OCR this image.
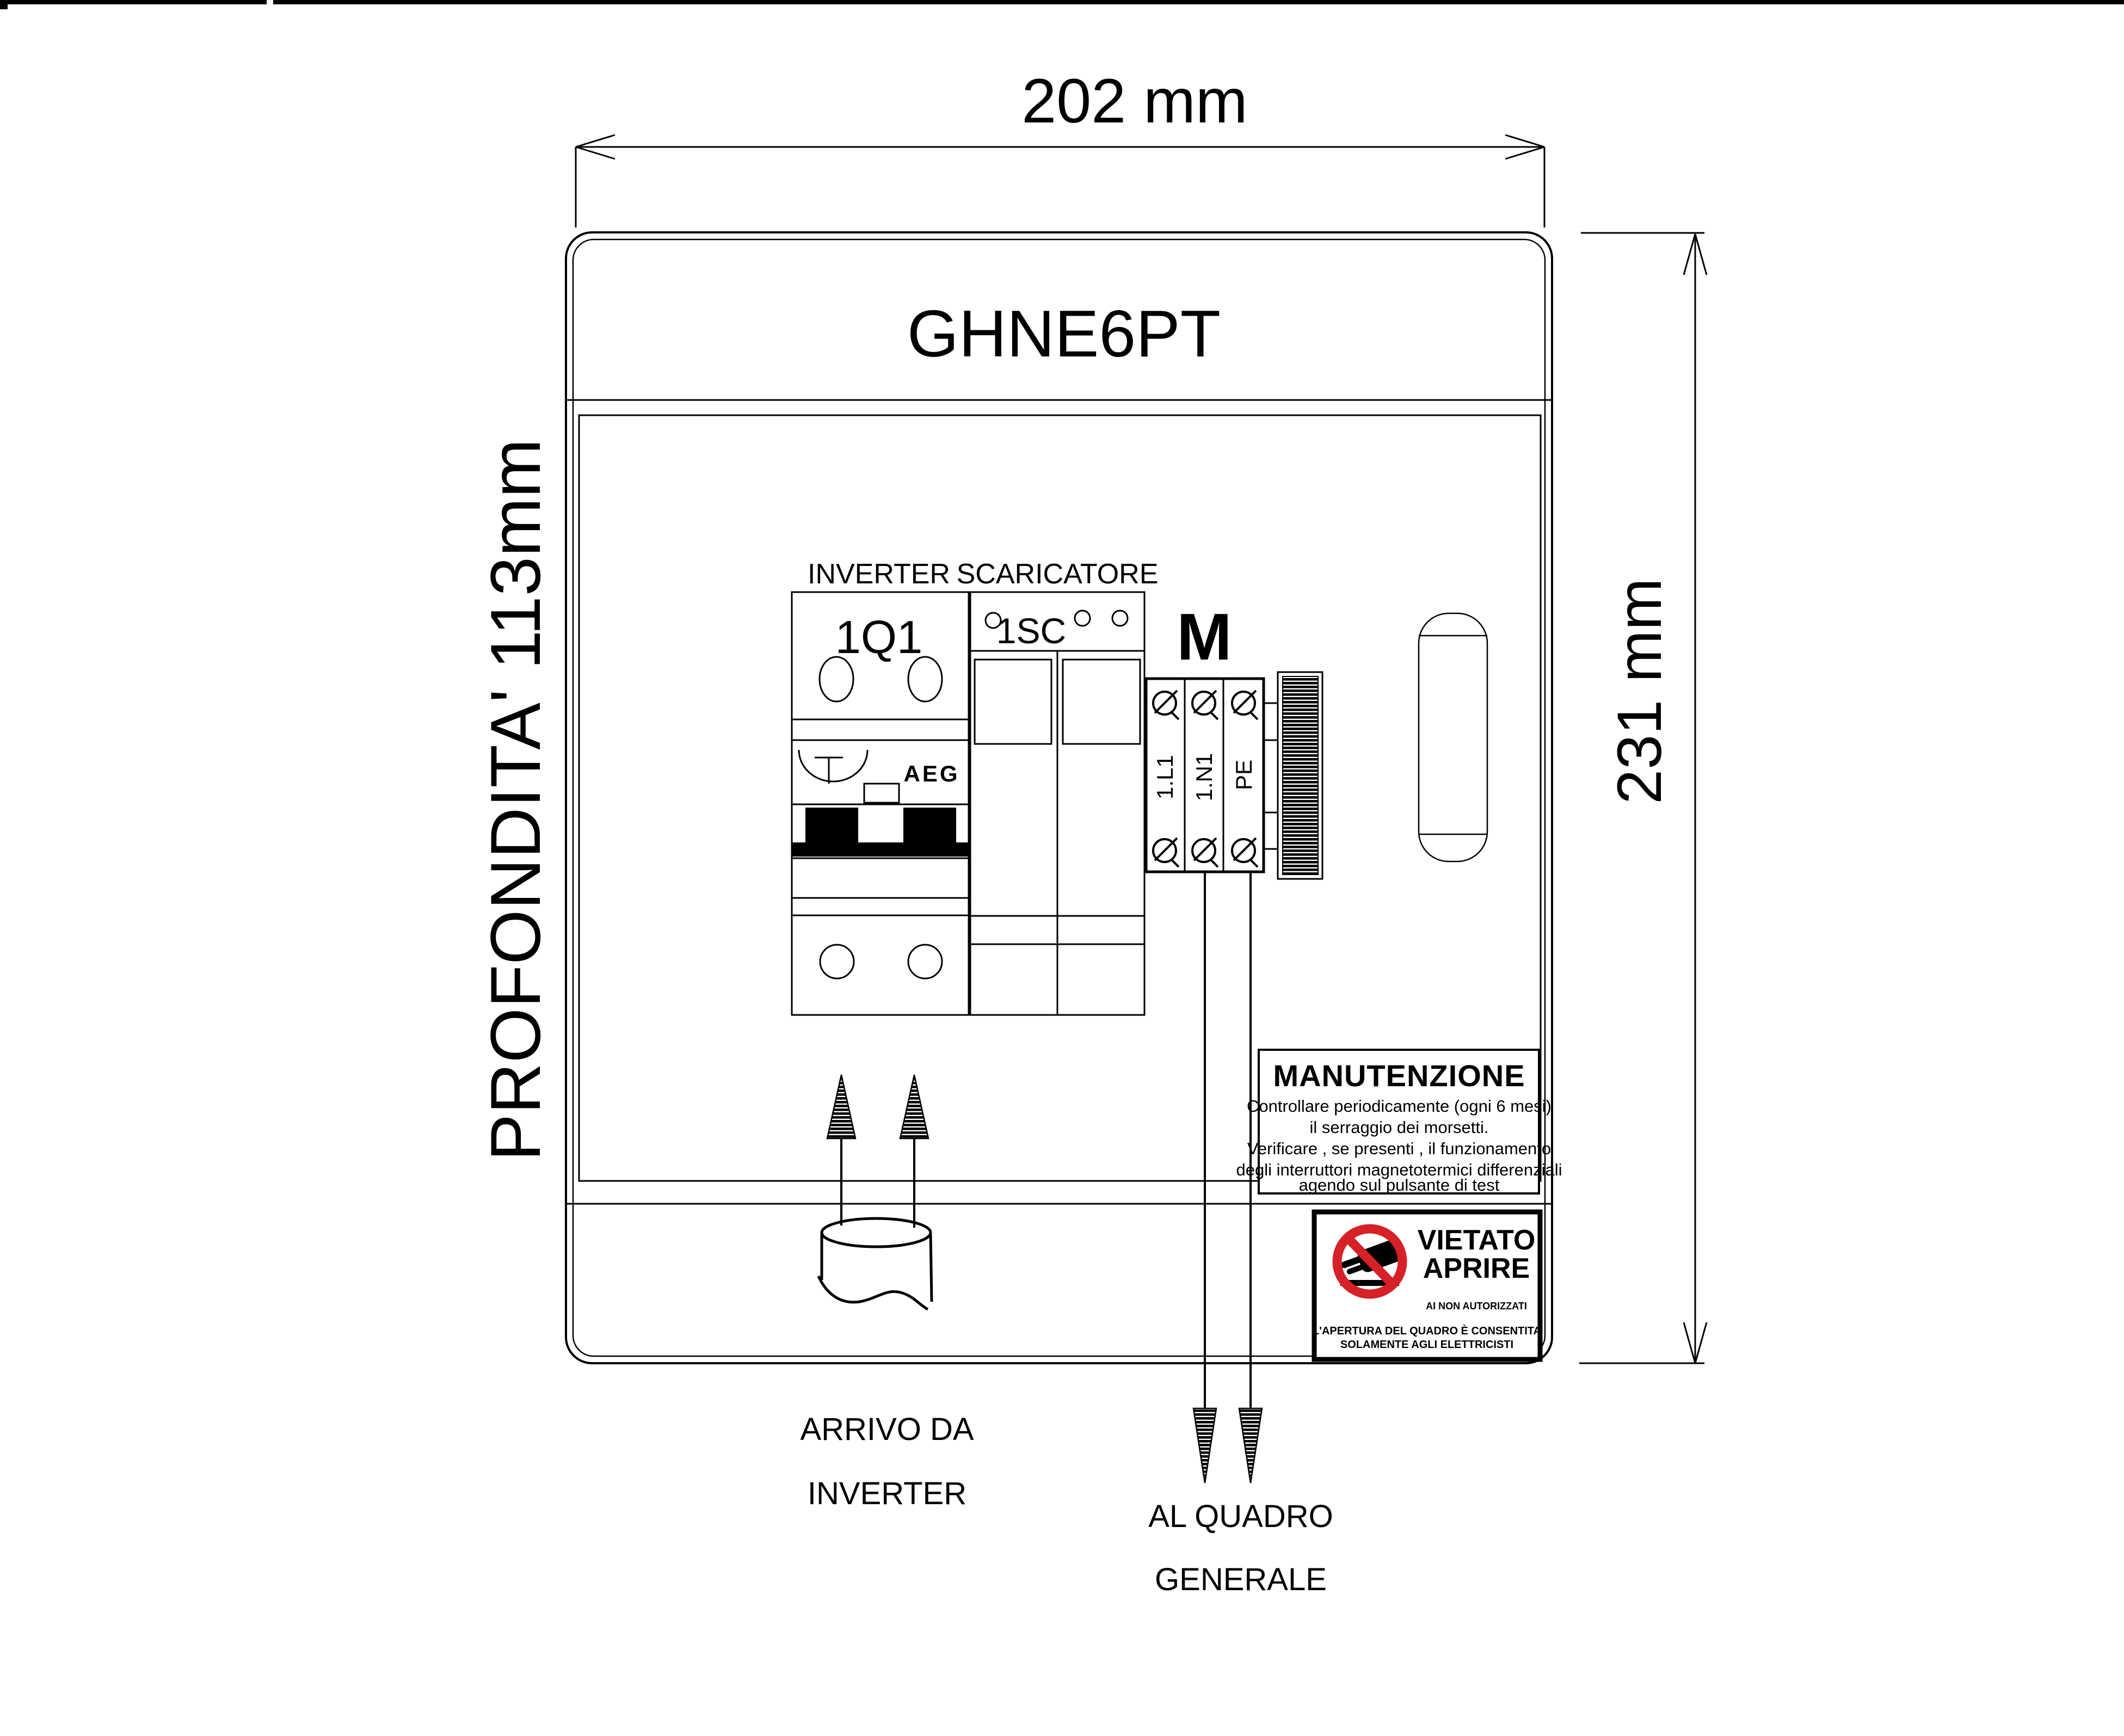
202 mm
231 mm
PROFONDITA' 113mm
GHNE6PT
INVERTER SCARICATORE
1Q1
AEG
1SC M
1.L1 1.N1 PE
MANUTENZIONE
Controllare periodicamente (ogni 6 mesi)
il serraggio dei morsetti.
Verificare , se presenti , il funzionamento
degli interruttori magnetotermici differenziali
agendo sul pulsante di test
VIETATO
APRIRE
AI NON AUTORIZZATI
L'APERTURA DEL QUADRO È CONSENTITA
SOLAMENTE AGLI ELETTRICISTI
ARRIVO DA
INVERTER
AL QUADRO
GENERALE
